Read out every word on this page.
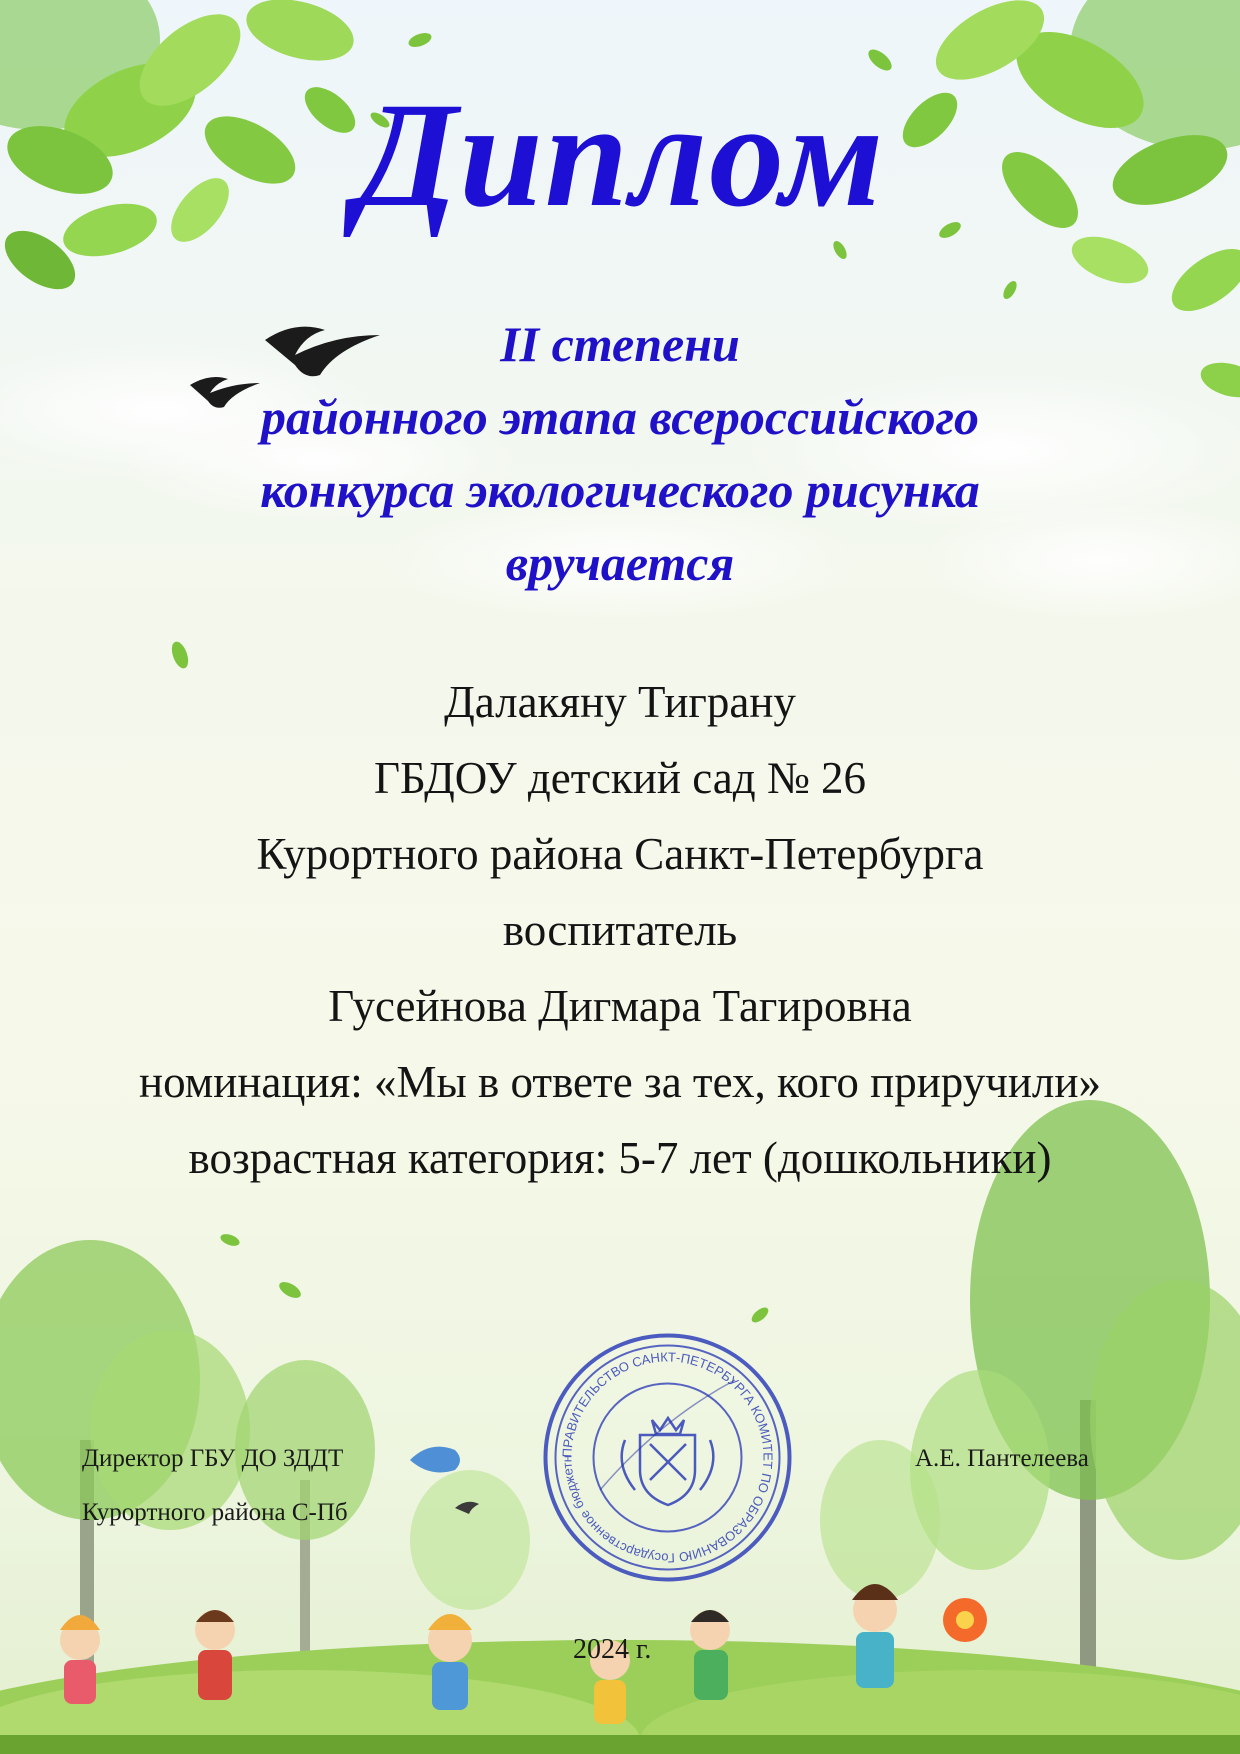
Диплом
II степени
районного этапа всероссийского
конкурса экологического рисунка
вручается
Далакяну Тиграну
ГБДОУ детский сад № 26
Курортного района Санкт-Петербурга
воспитатель
Гусейнова Дигмара Тагировна
номинация: «Мы в ответе за тех, кого приручили»
возрастная категория: 5-7 лет (дошкольники)
Директор ГБУ ДО ЗДДТ
Курортного района С-Пб
А.Е. Пантелеева
ПРАВИТЕЛЬСТВО САНКТ-ПЕТЕРБУРГА КОМИТЕТ ПО ОБРАЗОВАНИЮ Государственное бюджетн
2024 г.
